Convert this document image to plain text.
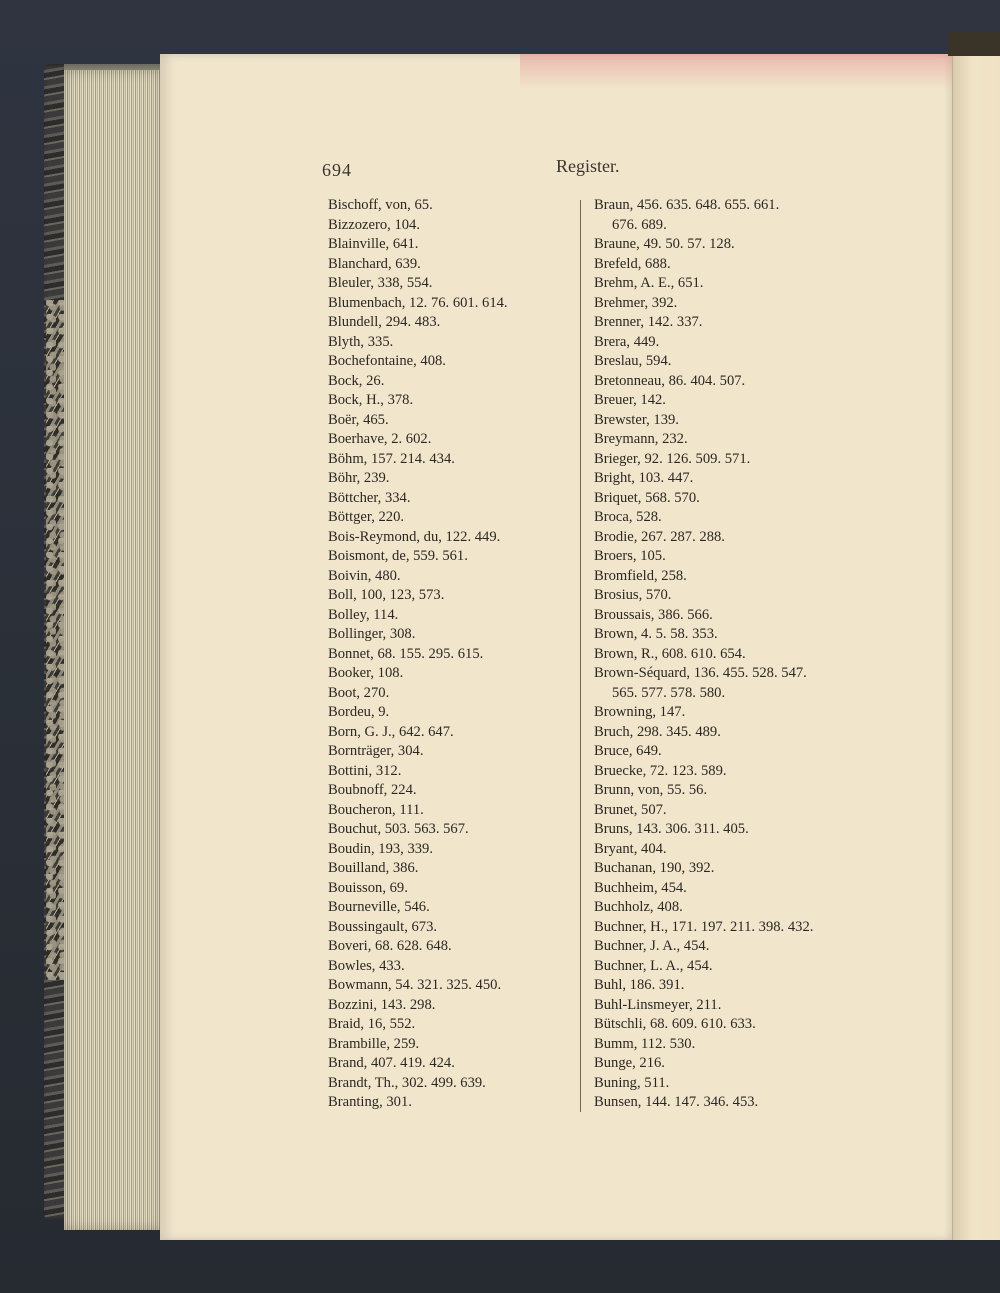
694	Register.
Bischoff, von, 65.
Bizzozero, 104.
Blainville, 641.
Blanchard, 639.
Bleuler, 338, 554.
Blumenbach, 12. 76. 601. 614.
Blundell, 294. 483.
Blyth, 335.
Bochefontaine, 408.
Bock, 26.
Bock, H., 378.
Boër, 465.
Boerhave, 2. 602.
Böhm, 157. 214. 434.
Böhr, 239.
Böttcher, 334.
Böttger, 220.
Bois-Reymond, du, 122. 449.
Boismont, de, 559. 561.
Boivin, 480.
Boll, 100, 123, 573.
Bolley, 114.
Bollinger, 308.
Bonnet, 68. 155. 295. 615.
Booker, 108.
Boot, 270.
Bordeu, 9.
Born, G. J., 642. 647.
Bornträger, 304.
Bottini, 312.
Boubnoff, 224.
Boucheron, 111.
Bouchut, 503. 563. 567.
Boudin, 193, 339.
Bouilland, 386.
Bouisson, 69.
Bourneville, 546.
Boussingault, 673.
Boveri, 68. 628. 648.
Bowles, 433.
Bowmann, 54. 321. 325. 450.
Bozzini, 143. 298.
Braid, 16, 552.
Brambille, 259.
Brand, 407. 419. 424.
Brandt, Th., 302. 499. 639.
Branting, 301.
Braun, 456. 635. 648. 655. 661.
676. 689.
Braune, 49. 50. 57. 128.
Brefeld, 688.
Brehm, A. E., 651.
Brehmer, 392.
Brenner, 142. 337.
Brera, 449.
Breslau, 594.
Bretonneau, 86. 404. 507.
Breuer, 142.
Brewster, 139.
Breymann, 232.
Brieger, 92. 126. 509. 571.
Bright, 103. 447.
Briquet, 568. 570.
Broca, 528.
Brodie, 267. 287. 288.
Broers, 105.
Bromfield, 258.
Brosius, 570.
Broussais, 386. 566.
Brown, 4. 5. 58. 353.
Brown, R., 608. 610. 654.
Brown-Séquard, 136. 455. 528. 547.
565. 577. 578. 580.
Browning, 147.
Bruch, 298. 345. 489.
Bruce, 649.
Bruecke, 72. 123. 589.
Brunn, von, 55. 56.
Brunet, 507.
Bruns, 143. 306. 311. 405.
Bryant, 404.
Buchanan, 190, 392.
Buchheim, 454.
Buchholz, 408.
Buchner, H., 171. 197. 211. 398. 432.
Buchner, J. A., 454.
Buchner, L. A., 454.
Buhl, 186. 391.
Buhl-Linsmeyer, 211.
Bütschli, 68. 609. 610. 633.
Bumm, 112. 530.
Bunge, 216.
Buning, 511.
Bunsen, 144. 147. 346. 453.
